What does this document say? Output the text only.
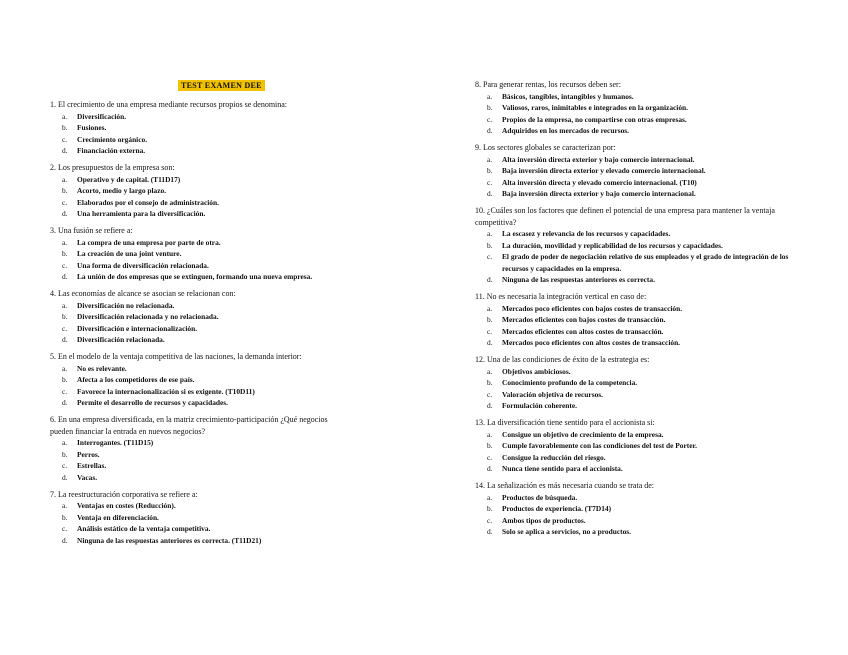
TEST EXAMEN DEE
1. El crecimiento de una empresa mediante recursos propios se denomina:
a. Diversificación.
b. Fusiones.
c. Crecimiento orgánico.
d. Financiación externa.
2. Los presupuestos de la empresa son:
a. Operativo y de capital. (T11D17)
b. Acorto, medio y largo plazo.
c. Elaborados por el consejo de administración.
d. Una herramienta para la diversificación.
3. Una fusión se refiere a:
a. La compra de una empresa por parte de otra.
b. La creación de una joint venture.
c. Una forma de diversificación relacionada.
d. La unión de dos empresas que se extinguen, formando una nueva empresa.
4. Las economías de alcance se asocian se relacionan con:
a. Diversificación no relacionada.
b. Diversificación relacionada y no relacionada.
c. Diversificación e internacionalización.
d. Diversificación relacionada.
5. En el modelo de la ventaja competitiva de las naciones, la demanda interior:
a. No es relevante.
b. Afecta a los competidores de ese país.
c. Favorece la internacionalización si es exigente. (T10D11)
d. Permite el desarrollo de recursos y capacidades.
6. En una empresa diversificada, en la matriz crecimiento-participación ¿Qué negocios pueden financiar la entrada en nuevos negocios?
a. Interrogantes. (T11D15)
b. Perros.
c. Estrellas.
d. Vacas.
7. La reestructuración corporativa se refiere a:
a. Ventajas en costes (Reducción).
b. Ventaja en diferenciación.
c. Análisis estático de la ventaja competitiva.
d. Ninguna de las respuestas anteriores es correcta. (T11D21)
8. Para generar rentas, los recursos deben ser:
a. Básicos, tangibles, intangibles y humanos.
b. Valiosos, raros, inimitables e integrados en la organización.
c. Propios de la empresa, no compartirse con otras empresas.
d. Adquiridos en los mercados de recursos.
9. Los sectores globales se caracterizan por:
a. Alta inversión directa exterior y bajo comercio internacional.
b. Baja inversión directa exterior y elevado comercio internacional.
c. Alta inversión directa y elevado comercio internacional. (T10)
d. Baja inversión directa exterior y bajo comercio internacional.
10. ¿Cuáles son los factores que definen el potencial de una empresa para mantener la ventaja competitiva?
a. La escasez y relevancia de los recursos y capacidades.
b. La duración, movilidad y replicabilidad de los recursos y capacidades.
c. El grado de poder de negociación relativo de sus empleados y el grado de integración de los recursos y capacidades en la empresa.
d. Ninguna de las respuestas anteriores es correcta.
11. No es necesaria la integración vertical en caso de:
a. Mercados poco eficientes con bajos costes de transacción.
b. Mercados eficientes con bajos costes de transacción.
c. Mercados eficientes con altos costes de transacción.
d. Mercados poco eficientes con altos costes de transacción.
12. Una de las condiciones de éxito de la estrategia es:
a. Objetivos ambiciosos.
b. Conocimiento profundo de la competencia.
c. Valoración objetiva de recursos.
d. Formulación coherente.
13. La diversificación tiene sentido para el accionista si:
a. Consigue un objetivo de crecimiento de la empresa.
b. Cumple favorablemente con las condiciones del test de Porter.
c. Consigue la reducción del riesgo.
d. Nunca tiene sentido para el accionista.
14. La señalización es más necesaria cuando se trata de:
a. Productos de búsqueda.
b. Productos de experiencia. (T7D14)
c. Ambos tipos de productos.
d. Solo se aplica a servicios, no a productos.
